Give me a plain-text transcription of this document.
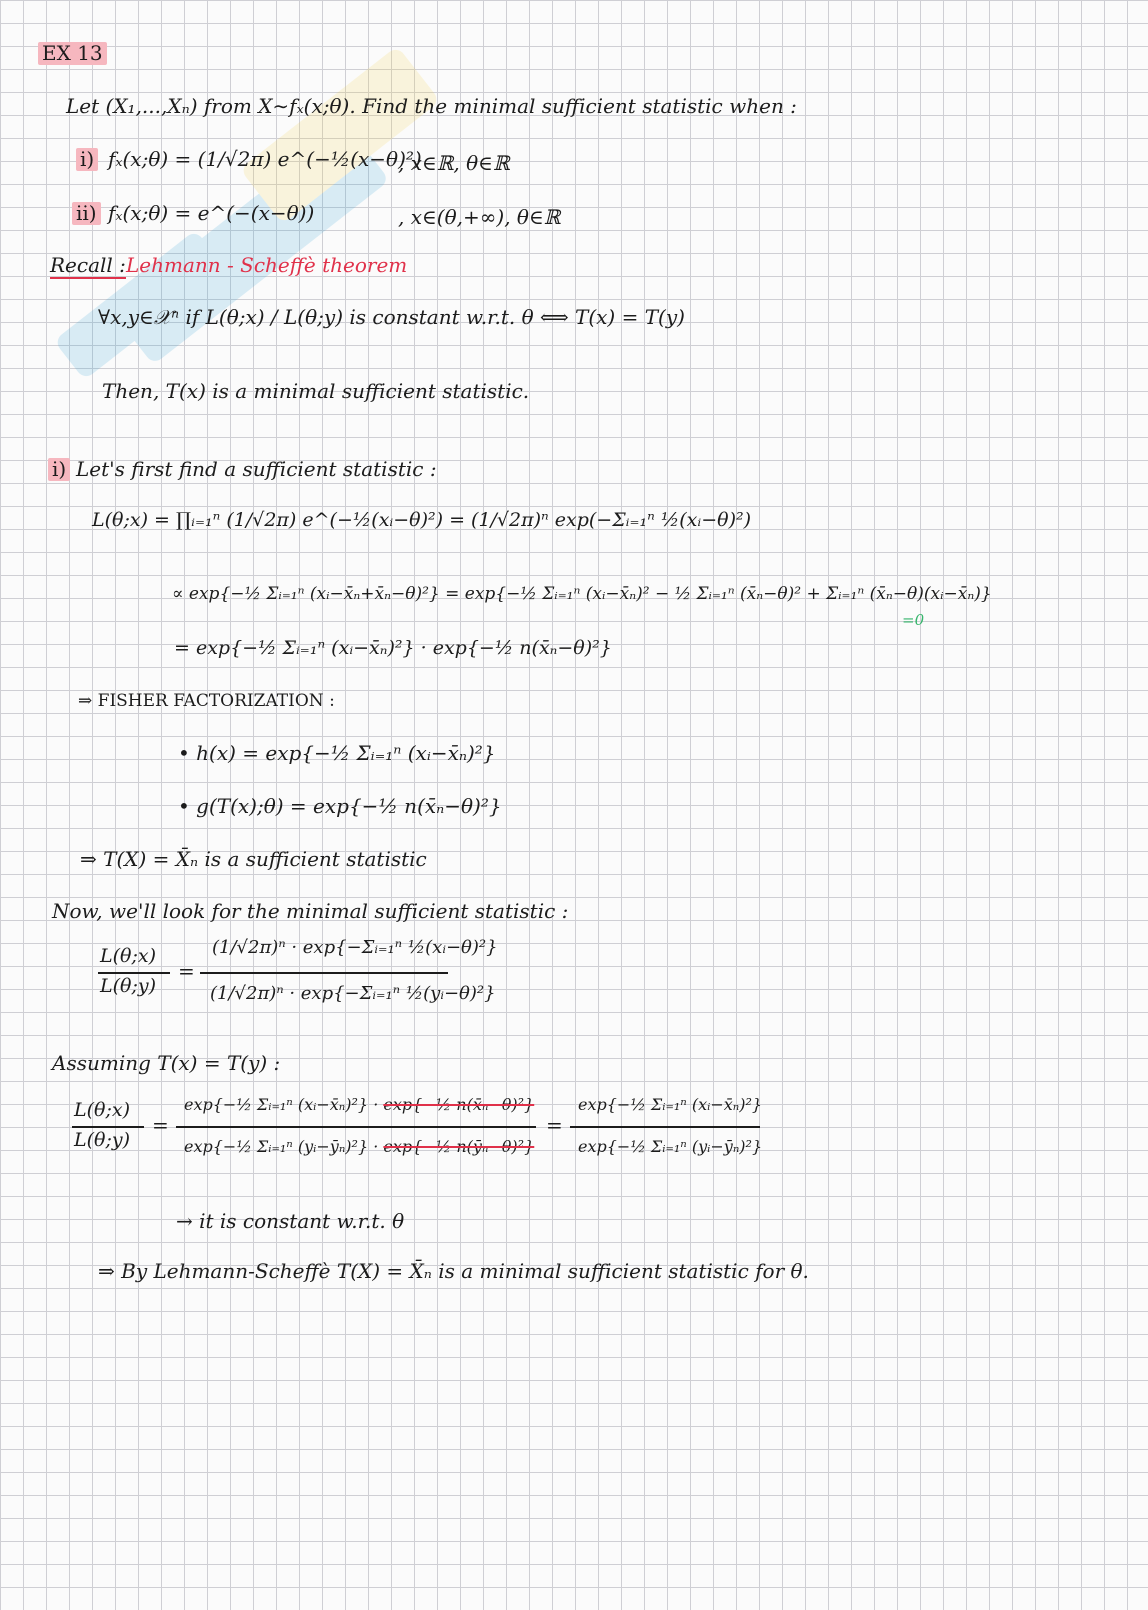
EX 13
Let (X₁,...,Xₙ) from X∼fₓ(x;θ). Find the minimal sufficient statistic when :
i) fₓ(x;θ) = (1/√2π) e^(−½(x−θ)²)
, x∈ℝ, θ∈ℝ
ii) fₓ(x;θ) = e^(−(x−θ))	, x∈(θ,+∞), θ∈ℝ
Recall : Lehmann - Scheffè theorem
∀x,y∈𝒳ⁿ if L(θ;x) / L(θ;y) is constant w.r.t. θ ⟺ T(x) = T(y)
Then, T(x) is a minimal sufficient statistic.
i) Let's first find a sufficient statistic :
L(θ;x) = ∏ᵢ₌₁ⁿ (1/√2π) e^(−½(xᵢ−θ)²) = (1/√2π)ⁿ exp(−Σᵢ₌₁ⁿ ½(xᵢ−θ)²)
∝ exp{−½ Σᵢ₌₁ⁿ (xᵢ−x̄ₙ+x̄ₙ−θ)²} = exp{−½ Σᵢ₌₁ⁿ (xᵢ−x̄ₙ)² − ½ Σᵢ₌₁ⁿ (x̄ₙ−θ)² + Σᵢ₌₁ⁿ (x̄ₙ−θ)(xᵢ−x̄ₙ)}
=0
= exp{−½ Σᵢ₌₁ⁿ (xᵢ−x̄ₙ)²} · exp{−½ n(x̄ₙ−θ)²}
⇒ FISHER FACTORIZATION :
• h(x) = exp{−½ Σᵢ₌₁ⁿ (xᵢ−x̄ₙ)²}
• g(T(x);θ) = exp{−½ n(x̄ₙ−θ)²}
⇒ T(X) = X̄ₙ is a sufficient statistic
Now, we'll look for the minimal sufficient statistic :
L(θ;x)
L(θ;y)
=
(1/√2π)ⁿ · exp{−Σᵢ₌₁ⁿ ½(xᵢ−θ)²}
(1/√2π)ⁿ · exp{−Σᵢ₌₁ⁿ ½(yᵢ−θ)²}
Assuming T(x) = T(y) :
L(θ;x)
L(θ;y)
=
exp{−½ Σᵢ₌₁ⁿ (xᵢ−x̄ₙ)²} · exp{−½ n(x̄ₙ−θ)²}
exp{−½ Σᵢ₌₁ⁿ (yᵢ−ȳₙ)²} · exp{−½ n(ȳₙ−θ)²}
=
exp{−½ Σᵢ₌₁ⁿ (xᵢ−x̄ₙ)²}
exp{−½ Σᵢ₌₁ⁿ (yᵢ−ȳₙ)²}
→ it is constant w.r.t. θ
⇒ By Lehmann-Scheffè T(X) = X̄ₙ is a minimal sufficient statistic for θ.
